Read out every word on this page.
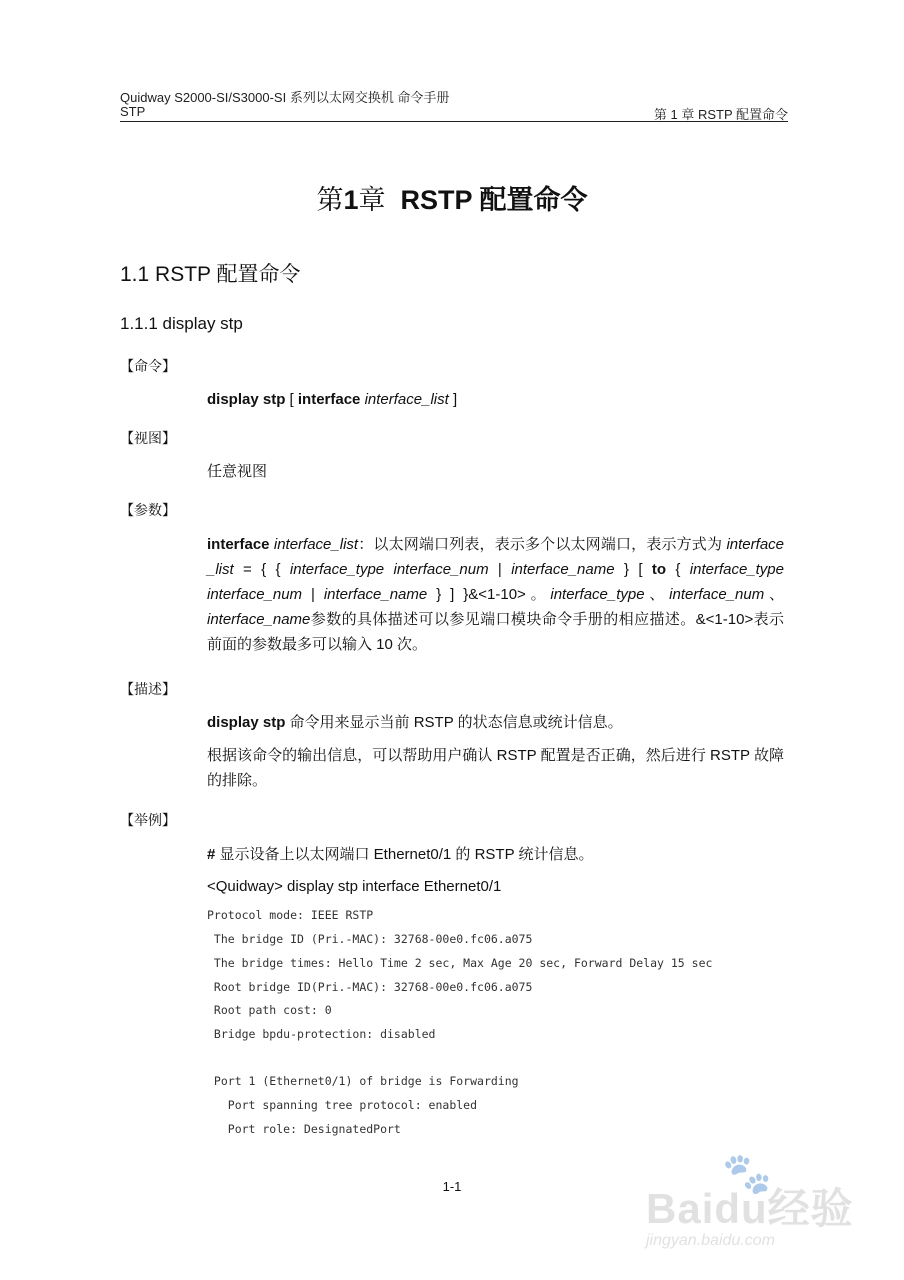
Quidway S2000-SI/S3000-SI 系列以太网交换机 命令手册
STP	第 1 章 RSTP 配置命令
第1章 RSTP 配置命令
1.1 RSTP 配置命令
1.1.1 display stp
【命令】
display stp [ interface interface_list ]
【视图】
任意视图
【参数】
interface interface_list：以太网端口列表，表示多个以太网端口，表示方式为 interface _list = { { interface_type interface_num | interface_name } [ to { interface_type interface_num | interface_name } ] }&<1-10>。interface_type、interface_num、interface_name参数的具体描述可以参见端口模块命令手册的相应描述。&<1-10>表示前面的参数最多可以输入 10 次。
【描述】
display stp 命令用来显示当前 RSTP 的状态信息或统计信息。
根据该命令的输出信息，可以帮助用户确认 RSTP 配置是否正确，然后进行 RSTP 故障的排除。
【举例】
# 显示设备上以太网端口 Ethernet0/1 的 RSTP 统计信息。
<Quidway> display stp interface Ethernet0/1
Protocol mode: IEEE RSTP
The bridge ID (Pri.-MAC): 32768-00e0.fc06.a075
The bridge times: Hello Time 2 sec, Max Age 20 sec, Forward Delay 15 sec
Root bridge ID(Pri.-MAC): 32768-00e0.fc06.a075
Root path cost: 0
Bridge bpdu-protection: disabled
Port 1 (Ethernet0/1) of bridge is Forwarding
Port spanning tree protocol: enabled
Port role: DesignatedPort
1-1	🐾
Baidu经验
jingyan.baidu.com
